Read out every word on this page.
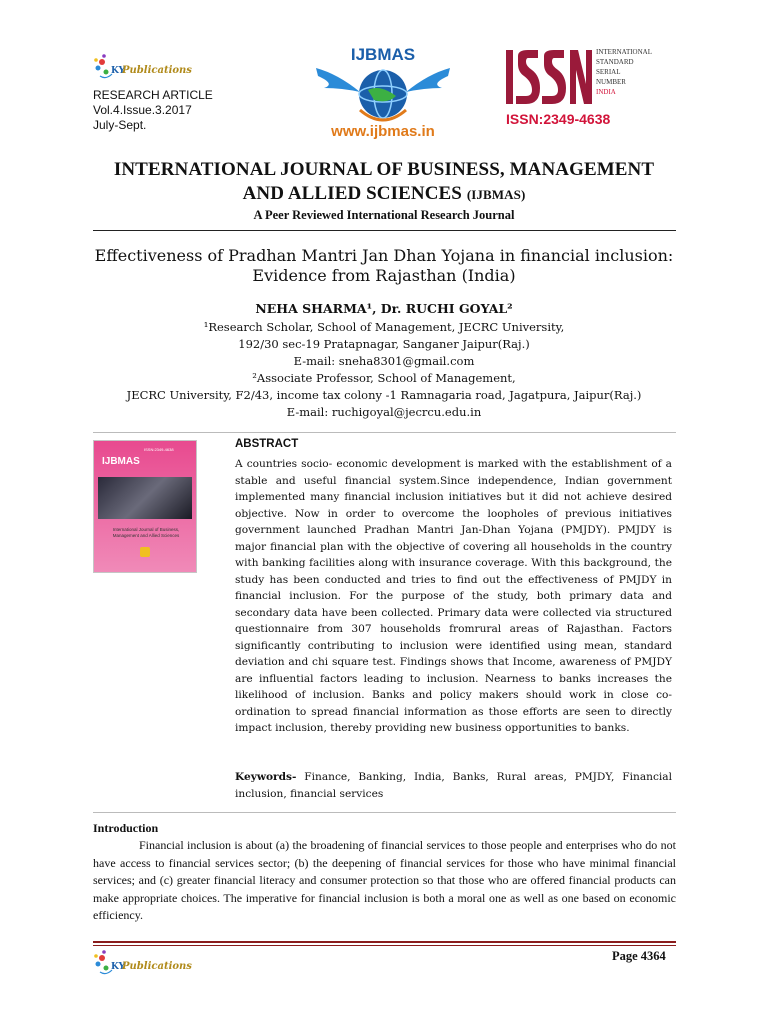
KY
Publications
RESEARCH ARTICLE
Vol.4.Issue.3.2017
July-Sept.
IJBMAS
www.ijbmas.in
INTERNATIONAL
STANDARD
SERIAL
NUMBER
INDIA
ISSN:2349-4638
INTERNATIONAL JOURNAL OF BUSINESS, MANAGEMENT
AND ALLIED SCIENCES (IJBMAS)
A Peer Reviewed International Research Journal
Effectiveness of Pradhan Mantri Jan Dhan Yojana in financial inclusion:
Evidence from Rajasthan (India)
NEHA SHARMA¹, Dr. RUCHI GOYAL²
¹Research Scholar, School of Management, JECRC University,
192/30 sec-19 Pratapnagar, Sanganer Jaipur(Raj.)
E-mail: sneha8301@gmail.com
²Associate Professor, School of Management,
JECRC University, F2/43, income tax colony -1 Ramnagaria road, Jagatpura, Jaipur(Raj.)
E-mail: ruchigoyal@jecrcu.edu.in
ISSN:2349-4638
IJBMAS
International Journal of Business, Management and Allied Sciences
ABSTRACT
A countries socio- economic development is marked with the establishment of a stable and useful financial system.Since independence, Indian government implemented many financial inclusion initiatives but it did not achieve desired objective. Now in order to overcome the loopholes of previous initiatives government launched Pradhan Mantri Jan-Dhan Yojana (PMJDY). PMJDY is major financial plan with the objective of covering all households in the country with banking facilities along with insurance coverage. With this background, the study has been conducted and tries to find out the effectiveness of PMJDY in financial inclusion. For the purpose of the study, both primary data and secondary data have been collected. Primary data were collected via structured questionnaire from 307 households fromrural areas of Rajasthan. Factors significantly contributing to inclusion were identified using mean, standard deviation and chi square test. Findings shows that Income, awareness of PMJDY are influential factors leading to inclusion. Nearness to banks increases the likelihood of inclusion. Banks and policy makers should work in close co-ordination to spread financial information as those efforts are seen to directly impact inclusion, thereby providing new business opportunities to banks.
Keywords- Finance, Banking, India, Banks, Rural areas, PMJDY, Financial inclusion, financial services
Introduction

Financial inclusion is about (a) the broadening of financial services to those people and enterprises who do not have access to financial services sector; (b) the deepening of financial services for those who have minimal financial services; and (c) greater financial literacy and consumer protection so that those who are offered financial products can make appropriate choices. The imperative for financial inclusion is both a moral one as well as one based on economic efficiency.

KY
Publications
Page 4364
